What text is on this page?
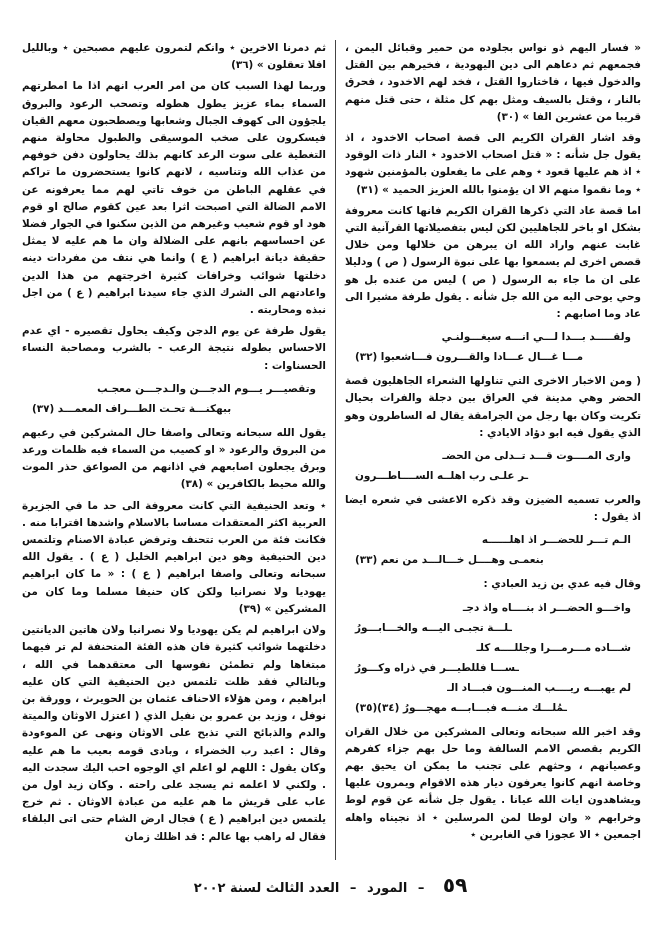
« فسار اليهم ذو نواس بجلوده من حمير وقبائل اليمن ، فجمعهم ثم دعاهم الى دين اليهودية ، فخيرهم بين القتل والدخول فيها ، فاختاروا القتل ، فخد لهم الاخدود ، فحرق بالنار ، وقتل بالسيف ومثل بهم كل مثلة ، حتى قتل منهم قريبا من عشرين الفا » (٣٠)

وقد اشار القران الكريم الى قصة اصحاب الاخدود ، اذ يقول جل شأنه : « قتل اصحاب الاخدود ٭ النار ذات الوقود ٭ اذ هم عليها قعود ٭ وهم على ما يفعلون بالمؤمنين شهود ٭ وما نقموا منهم الا ان يؤمنوا بالله العزيز الحميد » (٣١)

اما قصة عاد التي ذكرها القران الكريم فانها كانت معروفة بشكل او باخر للجاهليين لكن ليس بتفصيلاتها القرآنية التي غابت عنهم واراد الله ان يبرهن من خلالها ومن خلال قصص اخرى لم يسمعوا بها على نبوة الرسول ( ص ) ودليلا على ان ما جاء به الرسول ( ص ) ليس من عنده بل هو وحي يوحى اليه من الله جل شأنه . يقول طرفة مشيرا الى عاد وما اصابهم :

ولقـــــد بـــدا لـــي انـــه سيغـــولنـي
مـــا غـــال عـــادا والقـــرون فـــاشعبوا (٣٢)

( ومن الاخبار الاخرى التي تناولها الشعراء الجاهليون قصة الحضر وهي مدينة في العراق بين دجلة والفرات بحيال تكريت وكان بها رجل من الجرامقة يقال له الساطرون وهو الذي يقول فيه ابو دؤاد الايادي :

وارى المــــوت قـــد تــدلى من الحضـ
ـر علـى رب اهلــه الســــاطـــرون

والعرب تسميه الضيزن وقد ذكره الاعشى في شعره ايضا اذ يقول :

الـم تـــر للحضـــر اذ اهلــــــه
بنعمـى وهــــل خـــالـــد من نعم (٣٣)

وقال فيه عدي بن زيد العبادي :

واخـــو الحضـــر اذ بنــــاه واذ دجـ
ـلـــة تجبـى اليـــه والخـــابـــورُ
شـــاده مـــرمـــرا وجللــــه كلـ
ـســـا فللطيـــر في ذراه وكـــورُ
لم يهبـــه ريــــب المنـــون فبـــاد الـ
ـمُلـــك منـــه فبـــابـــه مهجـــورُ (٣٤)(٣٥)

وقد اخبر الله سبحانه وتعالى المشركين من خلال القران الكريم بقصص الامم السالفة وما حل بهم جزاء كفرهم وعصيانهم ، وحثهم على تجنب ما يمكن ان يحيق بهم وخاصة انهم كانوا يعرفون ديار هذه الاقوام ويمرون عليها ويشاهدون ايات الله عيانا . يقول جل شأنه عن قوم لوط وخرابهم « وان لوطا لمن المرسلين ٭ اذ نجيناه واهله اجمعين ٭ الا عجوزا في الغابرين ٭

ثم دمرنا الاخرين ٭ وانكم لتمرون عليهم مصبحين ٭ وبالليل افلا تعقلون » (٣٦)

وربما لهذا السبب كان من امر العرب انهم اذا ما امطرتهم السماء بماء عزيز يطول هطوله وتصحب الرعود والبروق يلجؤون الى كهوف الجبال وشعابها ويصطحبون معهم القيان فيسكرون على صخب الموسيقى والطبول محاولة منهم التغطية على سوت الرعد كانهم بذلك يحاولون دفن خوفهم من عذاب الله وتناسيه ، لانهم كانوا يستحضرون ما تراكم في عقلهم الباطن من خوف تاتي لهم مما يعرفونه عن الامم الضالة التي اصبحت اثرا بعد عين كقوم صالح او قوم هود او قوم شعيب وغيرهم من الذين سكنوا في الجوار فضلا عن احساسهم بانهم على الضلالة وان ما هم عليه لا يمثل حقيقة ديانة ابراهيم ( ع ) وانما هي نتف من مفردات دينه دخلتها شوائب وخرافات كثيرة اخرجتهم من هذا الدين واعادتهم الى الشرك الذي جاء سيدنا ابراهيم ( ع ) من اجل نبذه ومحاربته .

يقول طرفة عن يوم الدجن وكيف يحاول تقصيره - اي عدم الاحساس بطوله نتيجة الرعب - بالشرب ومصاحبة النساء الحسناوات :

وتقصيـــر يـــوم الدجـــن والـدجـــن معجـب
ببهكنـــة تحـت الطـــراف المعمـــد (٣٧)

يقول الله سبحانه وتعالى واصفا حال المشركين في رعبهم من البروق والرعود « او كصيب من السماء فيه ظلمات ورعد وبرق يجعلون اصابعهم في اذانهم من الصواعق حذر الموت والله محيط بالكافرين » (٣٨)

٭ وتعد الحنيفية التي كانت معروفة الى حد ما في الجزيرة العربية اكثر المعتقدات مساسا بالاسلام واشدها اقترابا منه . فكانت فئة من العرب تتحنف وترفض عبادة الاصنام وتلتمس دين الحنيفية وهو دين ابراهيم الخليل ( ع ) . يقول الله سبحانه وتعالى واصفا ابراهيم ( ع ) : « ما كان ابراهيم يهوديا ولا نصرانيا ولكن كان حنيفا مسلما وما كان من المشركين » (٣٩)

ولان ابراهيم لم يكن يهوديا ولا نصرانيا ولان هاتين الديانتين دخلتهما شوائب كثيرة فان هذه الفئة المتحنفة لم تر فيهما مبتغاها ولم تطمئن نفوسها الى معتقدهما في الله ، وبالتالي فقد ظلت تلتمس دين الحنيفية التي كان عليه ابراهيم ، ومن هؤلاء الاحناف عثمان بن الحويرث ، وورقة بن نوفل ، وزيد بن عمرو بن نفيل الذي ( اعتزل الاوثان والميتة والدم والذبائح التي تذبح على الاوثان ونهى عن الموءودة وقال : اعبد رب الخضراء ، وبادى قومه بعيب ما هم عليه وكان يقول : اللهم لو اعلم اي الوجوه احب اليك سجدت اليه . ولكني لا اعلمه ثم يسجد على راحته . وكان زيد اول من عاب على قريش ما هم عليه من عبادة الاوثان . ثم خرج يلتمس دين ابراهيم ( ع ) فجال ارض الشام حتى اتى البلقاء فقال له راهب بها عالم : قد اظلك زمان

٥٩ – المورد – العدد الثالث لسنة ٢٠٠٢
